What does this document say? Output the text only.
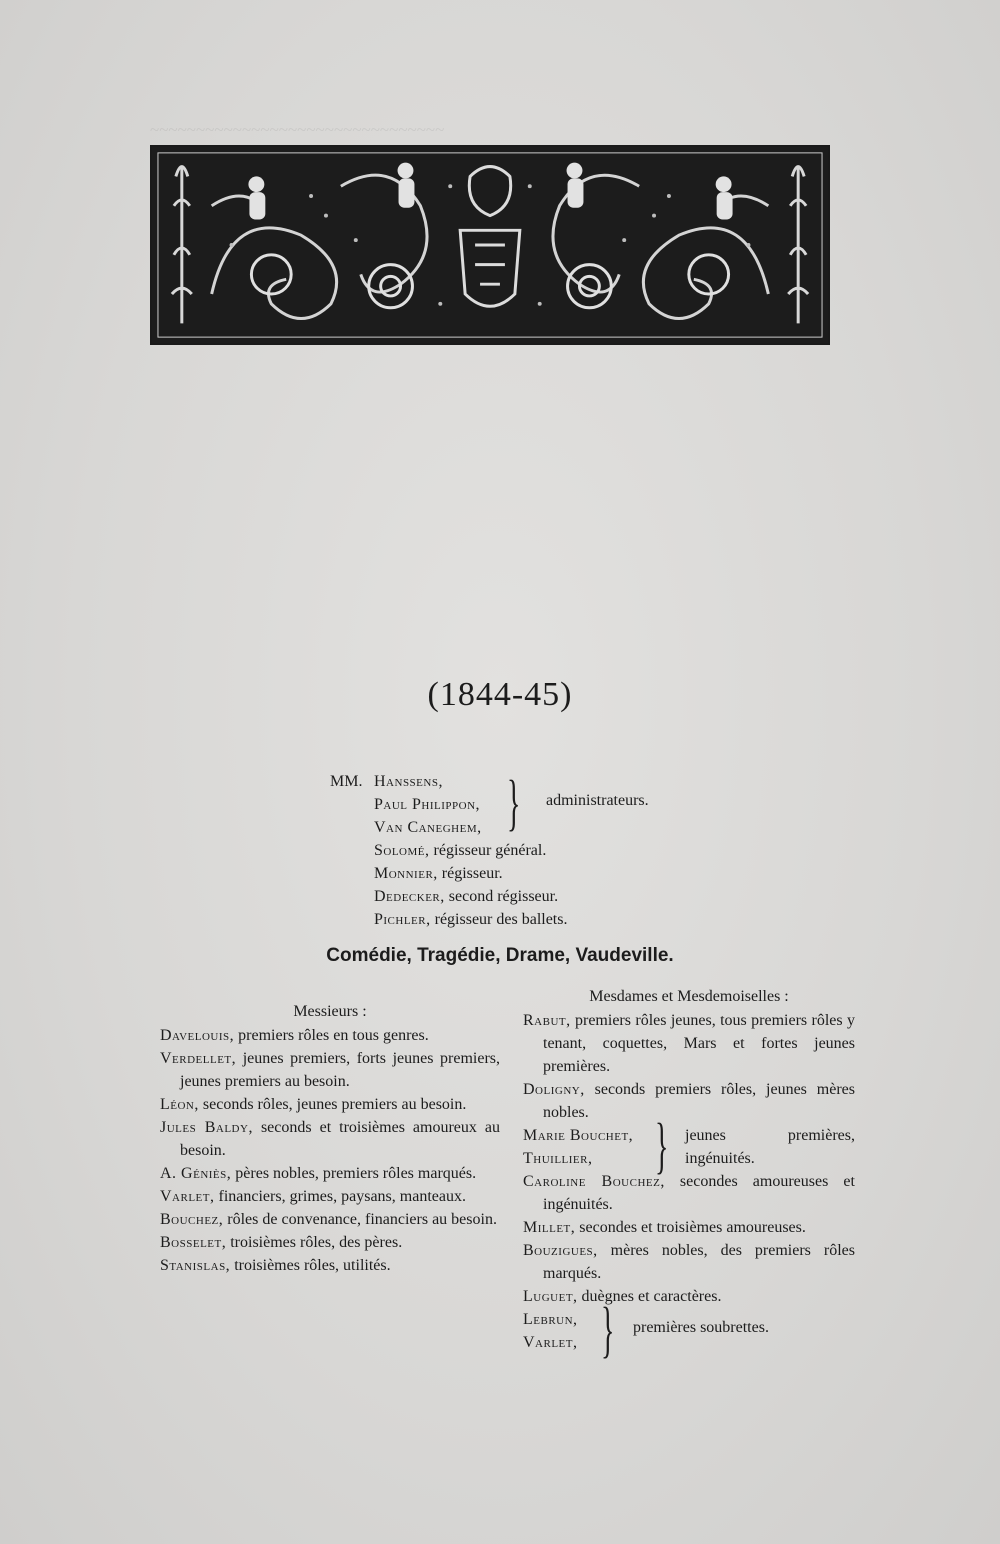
~~~~~~~~~~~~~~~~~~~~~~~~~~~~~~~~
(1844-45)
MM. Hanssens,
Paul Philippon,
Van Caneghem, } administrateurs.
Solomé, régisseur général.
Monnier, régisseur.
Dedecker, second régisseur.
Pichler, régisseur des ballets.
Comédie, Tragédie, Drame, Vaudeville.
Messieurs :
Davelouis, premiers rôles en tous genres.
Verdellet, jeunes premiers, forts jeunes premiers, jeunes premiers au besoin.
Léon, seconds rôles, jeunes premiers au besoin.
Jules Baldy, seconds et troisièmes amoureux au besoin.
A. Géniès, pères nobles, premiers rôles marqués.
Varlet, financiers, grimes, paysans, manteaux.
Bouchez, rôles de convenance, financiers au besoin.
Bosselet, troisièmes rôles, des pères.
Stanislas, troisièmes rôles, utilités.
Mesdames et Mesdemoiselles :
Rabut, premiers rôles jeunes, tous premiers rôles y tenant, coquettes, Mars et fortes jeunes premières.
Doligny, seconds premiers rôles, jeunes mères nobles.
Marie Bouchet,
Thuillier, } jeunes premières, ingénuités.
Caroline Bouchez, secondes amoureuses et ingénuités.
Millet, secondes et troisièmes amoureuses.
Bouzigues, mères nobles, des premiers rôles marqués.
Luguet, duègnes et caractères.
Lebrun,
Varlet, } premières soubrettes.
